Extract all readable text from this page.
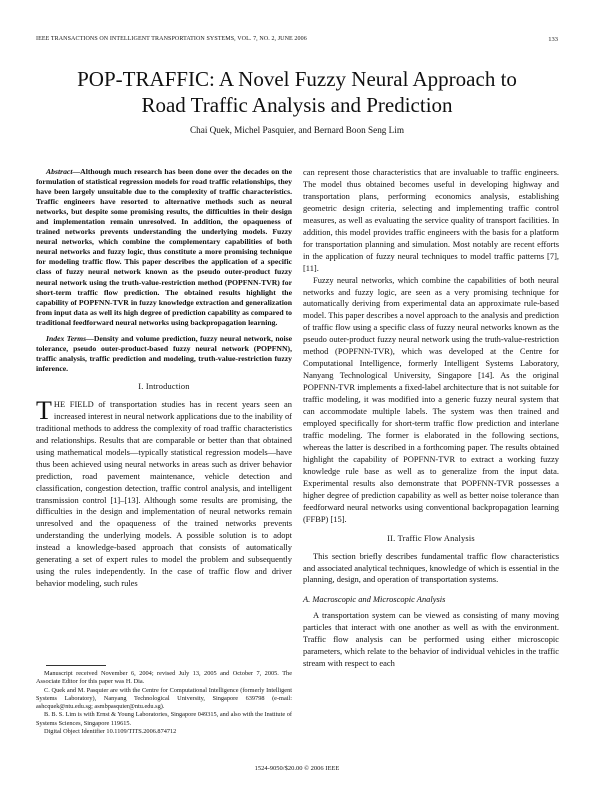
IEEE TRANSACTIONS ON INTELLIGENT TRANSPORTATION SYSTEMS, VOL. 7, NO. 2, JUNE 2006	133
POP-TRAFFIC: A Novel Fuzzy Neural Approach to
Road Traffic Analysis and Prediction
Chai Quek, Michel Pasquier, and Bernard Boon Seng Lim

Abstract—Although much research has been done over the decades on the formulation of statistical regression models for road traffic relationships, they have been largely unsuitable due to the complexity of traffic characteristics. Traffic engineers have resorted to alternative methods such as neural networks, but despite some promising results, the difficulties in their design and implementation remain unresolved. In addition, the opaqueness of trained networks prevents understanding the underlying models. Fuzzy neural networks, which combine the complementary capabilities of both neural networks and fuzzy logic, thus constitute a more promising technique for modeling traffic flow. This paper describes the application of a specific class of fuzzy neural network known as the pseudo outer-product fuzzy neural network using the truth-value-restriction method (POPFNN-TVR) for short-term traffic flow prediction. The obtained results highlight the capability of POPFNN-TVR in fuzzy knowledge extraction and generalization from input data as well its high degree of prediction capability as compared to traditional feedforward neural networks using backpropagation learning.

Index Terms—Density and volume prediction, fuzzy neural network, noise tolerance, pseudo outer-product-based fuzzy neural network (POPFNN), traffic analysis, traffic prediction and modeling, truth-value-restriction fuzzy inference.

I. Introduction

THE FIELD of transportation studies has in recent years seen an increased interest in neural network applications due to the inability of traditional methods to address the complexity of road traffic characteristics and relationships. Results that are comparable or better than that obtained using mathematical models—typically statistical regression models—have thus been achieved using neural networks in areas such as driver behavior prediction, road pavement maintenance, vehicle detection and classification, congestion detection, traffic control analysis, and intelligent transmission control [1]–[13]. Although some results are promising, the difficulties in the design and implementation of neural networks remain unresolved and the opaqueness of the trained networks prevents understanding the underlying models. A possible solution is to adopt instead a knowledge-based approach that consists of automatically generating a set of expert rules to model the problem and subsequently using the rules independently. In the case of traffic flow and driver behavior modeling, such rules

Manuscript received November 6, 2004; revised July 13, 2005 and October 7, 2005. The Associate Editor for this paper was H. Dia.

C. Quek and M. Pasquier are with the Centre for Computational Intelligence (formerly Intelligent Systems Laboratory), Nanyang Technological University, Singapore 639798 (e-mail: ashcquek@ntu.edu.sg; asmbpasquier@ntu.edu.sg).

B. B. S. Lim is with Ernst & Young Laboratories, Singapore 049315, and also with the Institute of Systems Sciences, Singapore 119615.

Digital Object Identifier 10.1109/TITS.2006.874712

can represent those characteristics that are invaluable to traffic engineers. The model thus obtained becomes useful in developing highway and transportation plans, performing economics analysis, establishing geometric design criteria, selecting and implementing traffic control measures, as well as evaluating the service quality of transport facilities. In addition, this model provides traffic engineers with the basis for a platform for transportation planning and simulation. Most notably are recent efforts in the application of fuzzy neural techniques to model traffic patterns [7], [11].

Fuzzy neural networks, which combine the capabilities of both neural networks and fuzzy logic, are seen as a very promising technique for automatically deriving from experimental data an approximate rule-based model. This paper describes a novel approach to the analysis and prediction of traffic flow using a specific class of fuzzy neural networks known as the pseudo outer-product fuzzy neural network using the truth-value-restriction method (POPFNN-TVR), which was developed at the Centre for Computational Intelligence, formerly Intelligent Systems Laboratory, Nanyang Technological University, Singapore [14]. As the original POPFNN-TVR implements a fixed-label architecture that is not suitable for traffic modeling, it was modified into a generic fuzzy neural system that can accommodate multiple labels. The system was then trained and employed specifically for short-term traffic flow prediction and interlane traffic modeling. The former is elaborated in the following sections, whereas the latter is described in a forthcoming paper. The results obtained highlight the capability of POPFNN-TVR to extract a working fuzzy knowledge rule base as well as to generalize from the input data. Experimental results also demonstrate that POPFNN-TVR possesses a higher degree of prediction capability as well as better noise tolerance than feedforward neural networks using conventional backpropagation learning (FFBP) [15].

II. Traffic Flow Analysis

This section briefly describes fundamental traffic flow characteristics and associated analytical techniques, knowledge of which is essential in the planning, design, and operation of transportation systems.

A. Macroscopic and Microscopic Analysis

A transportation system can be viewed as consisting of many moving particles that interact with one another as well as with the environment. Traffic flow analysis can be performed using either microscopic parameters, which relate to the behavior of individual vehicles in the traffic stream with respect to each

1524-9050/$20.00 © 2006 IEEE
